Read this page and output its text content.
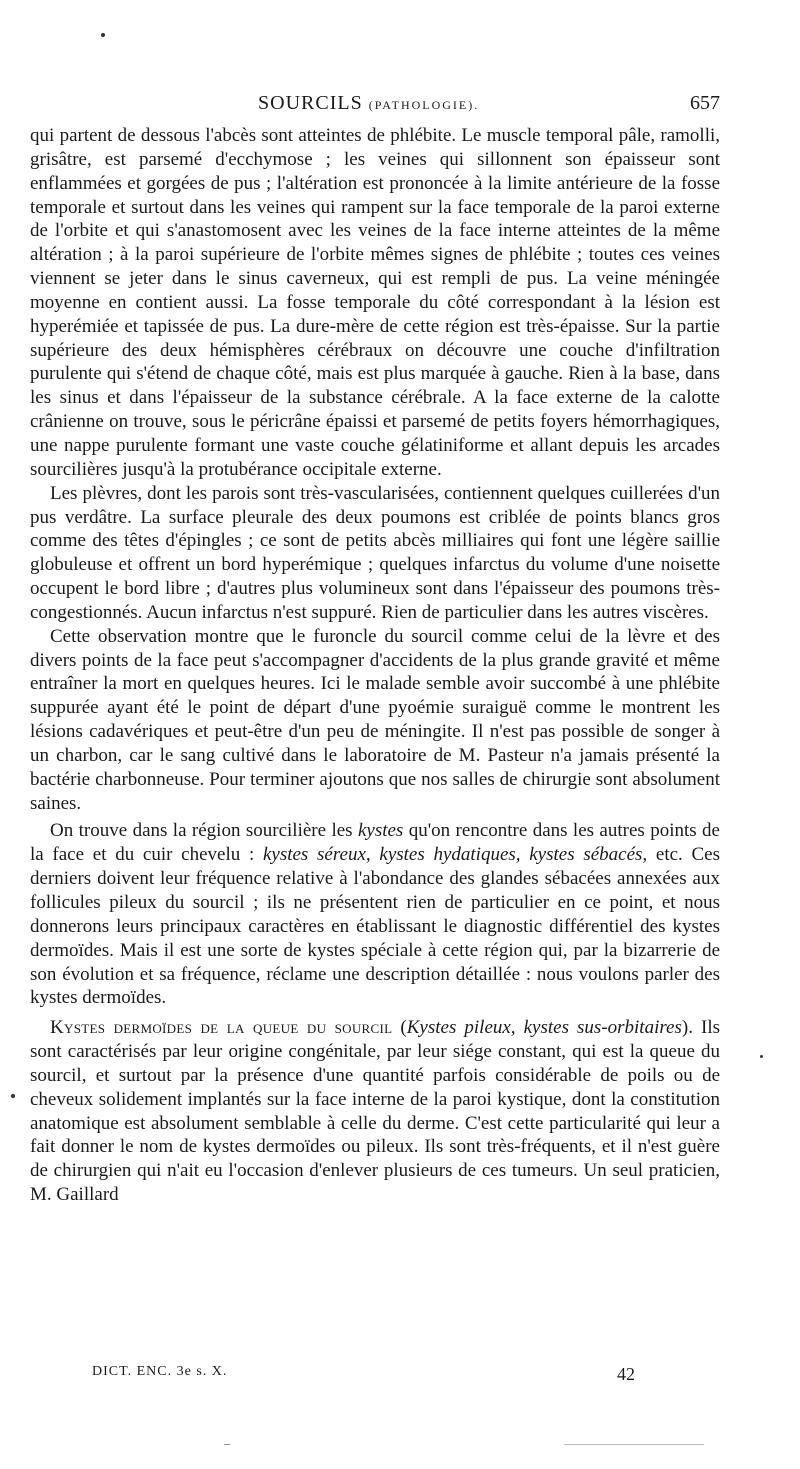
SOURCILS (PATHOLOGIE).	657

qui partent de dessous l'abcès sont atteintes de phlébite. Le muscle temporal pâle, ramolli, grisâtre, est parsemé d'ecchymose ; les veines qui sillonnent son épaisseur sont enflammées et gorgées de pus ; l'altération est prononcée à la limite antérieure de la fosse temporale et surtout dans les veines qui rampent sur la face temporale de la paroi externe de l'orbite et qui s'anastomosent avec les veines de la face interne atteintes de la même altération ; à la paroi supérieure de l'orbite mêmes signes de phlébite ; toutes ces veines viennent se jeter dans le sinus caverneux, qui est rempli de pus. La veine méningée moyenne en contient aussi. La fosse temporale du côté correspondant à la lésion est hyperémiée et tapissée de pus. La dure-mère de cette région est très-épaisse. Sur la partie supérieure des deux hémisphères cérébraux on découvre une couche d'infiltration purulente qui s'étend de chaque côté, mais est plus marquée à gauche. Rien à la base, dans les sinus et dans l'épaisseur de la substance cérébrale. A la face externe de la calotte crânienne on trouve, sous le péricrâne épaissi et parsemé de petits foyers hémorrhagiques, une nappe purulente formant une vaste couche gélatiniforme et allant depuis les arcades sourcilières jusqu'à la protubérance occipitale externe.

Les plèvres, dont les parois sont très-vascularisées, contiennent quelques cuillerées d'un pus verdâtre. La surface pleurale des deux poumons est criblée de points blancs gros comme des têtes d'épingles ; ce sont de petits abcès milliaires qui font une légère saillie globuleuse et offrent un bord hyperémique ; quelques infarctus du volume d'une noisette occupent le bord libre ; d'autres plus volumineux sont dans l'épaisseur des poumons très-congestionnés. Aucun infarctus n'est suppuré. Rien de particulier dans les autres viscères.

Cette observation montre que le furoncle du sourcil comme celui de la lèvre et des divers points de la face peut s'accompagner d'accidents de la plus grande gravité et même entraîner la mort en quelques heures. Ici le malade semble avoir succombé à une phlébite suppurée ayant été le point de départ d'une pyoémie suraiguë comme le montrent les lésions cadavériques et peut-être d'un peu de méningite. Il n'est pas possible de songer à un charbon, car le sang cultivé dans le laboratoire de M. Pasteur n'a jamais présenté la bactérie charbonneuse. Pour terminer ajoutons que nos salles de chirurgie sont absolument saines.

On trouve dans la région sourcilière les kystes qu'on rencontre dans les autres points de la face et du cuir chevelu : kystes séreux, kystes hydatiques, kystes sébacés, etc. Ces derniers doivent leur fréquence relative à l'abondance des glandes sébacées annexées aux follicules pileux du sourcil ; ils ne présentent rien de particulier en ce point, et nous donnerons leurs principaux caractères en établissant le diagnostic différentiel des kystes dermoïdes. Mais il est une sorte de kystes spéciale à cette région qui, par la bizarrerie de son évolution et sa fréquence, réclame une description détaillée : nous voulons parler des kystes dermoïdes.

Kystes dermoïdes de la queue du sourcil (Kystes pileux, kystes sus-orbitaires). Ils sont caractérisés par leur origine congénitale, par leur siége constant, qui est la queue du sourcil, et surtout par la présence d'une quantité parfois considérable de poils ou de cheveux solidement implantés sur la face interne de la paroi kystique, dont la constitution anatomique est absolument semblable à celle du derme. C'est cette particularité qui leur a fait donner le nom de kystes dermoïdes ou pileux. Ils sont très-fréquents, et il n'est guère de chirurgien qui n'ait eu l'occasion d'enlever plusieurs de ces tumeurs. Un seul praticien, M. Gaillard

DICT. ENC. 3e s. X.	42
